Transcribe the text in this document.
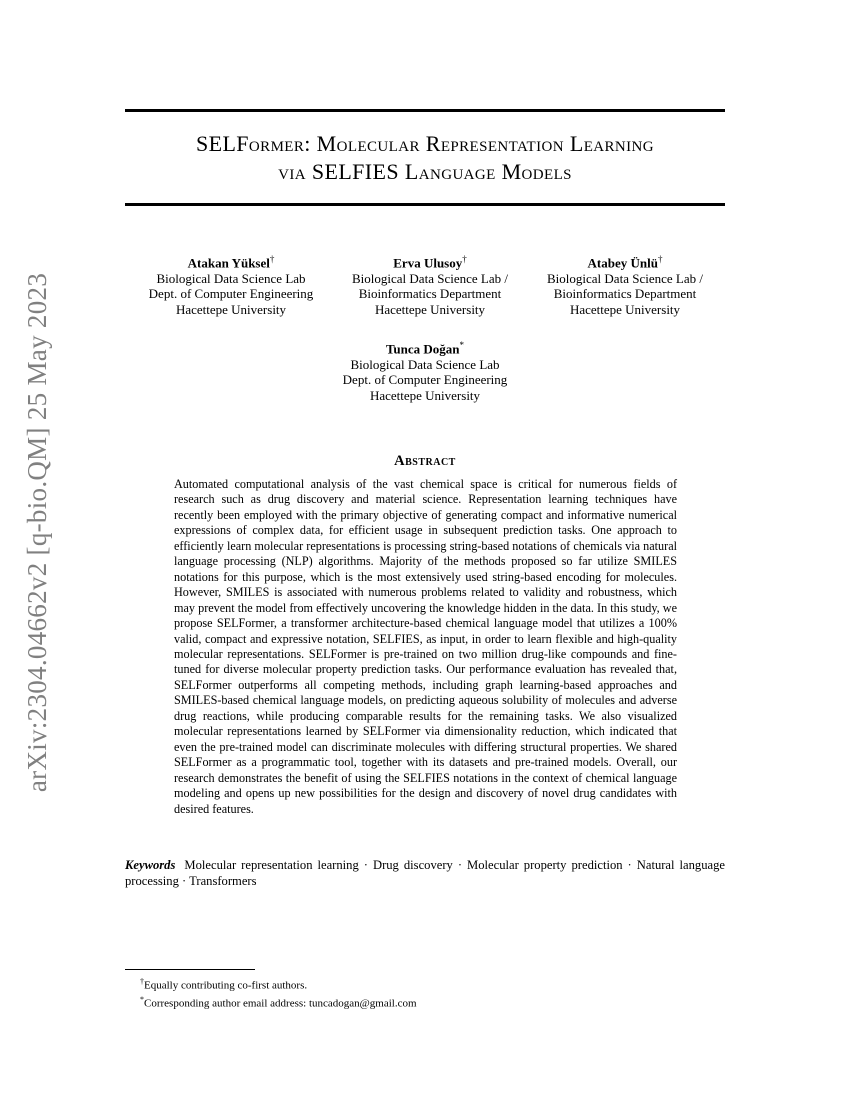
arXiv:2304.04662v2 [q-bio.QM] 25 May 2023
SELFormer: Molecular Representation Learning
via SELFIES Language Models
Atakan Yüksel†
Biological Data Science Lab
Dept. of Computer Engineering
Hacettepe University
Erva Ulusoy†
Biological Data Science Lab /
Bioinformatics Department
Hacettepe University
Atabey Ünlü†
Biological Data Science Lab /
Bioinformatics Department
Hacettepe University
Tunca Doğan*
Biological Data Science Lab
Dept. of Computer Engineering
Hacettepe University
Abstract

Automated computational analysis of the vast chemical space is critical for numerous fields of research such as drug discovery and material science. Representation learning techniques have recently been employed with the primary objective of generating compact and informative numerical expressions of complex data, for efficient usage in subsequent prediction tasks. One approach to efficiently learn molecular representations is processing string-based notations of chemicals via natural language processing (NLP) algorithms. Majority of the methods proposed so far utilize SMILES notations for this purpose, which is the most extensively used string-based encoding for molecules. However, SMILES is associated with numerous problems related to validity and robustness, which may prevent the model from effectively uncovering the knowledge hidden in the data. In this study, we propose SELFormer, a transformer architecture-based chemical language model that utilizes a 100% valid, compact and expressive notation, SELFIES, as input, in order to learn flexible and high-quality molecular representations. SELFormer is pre-trained on two million drug-like compounds and fine-tuned for diverse molecular property prediction tasks. Our performance evaluation has revealed that, SELFormer outperforms all competing methods, including graph learning-based approaches and SMILES-based chemical language models, on predicting aqueous solubility of molecules and adverse drug reactions, while producing comparable results for the remaining tasks. We also visualized molecular representations learned by SELFormer via dimensionality reduction, which indicated that even the pre-trained model can discriminate molecules with differing structural properties. We shared SELFormer as a programmatic tool, together with its datasets and pre-trained models. Overall, our research demonstrates the benefit of using the SELFIES notations in the context of chemical language modeling and opens up new possibilities for the design and discovery of novel drug candidates with desired features.

Keywords Molecular representation learning · Drug discovery · Molecular property prediction · Natural language processing · Transformers

†Equally contributing co-first authors.
*Corresponding author email address: tuncadogan@gmail.com
